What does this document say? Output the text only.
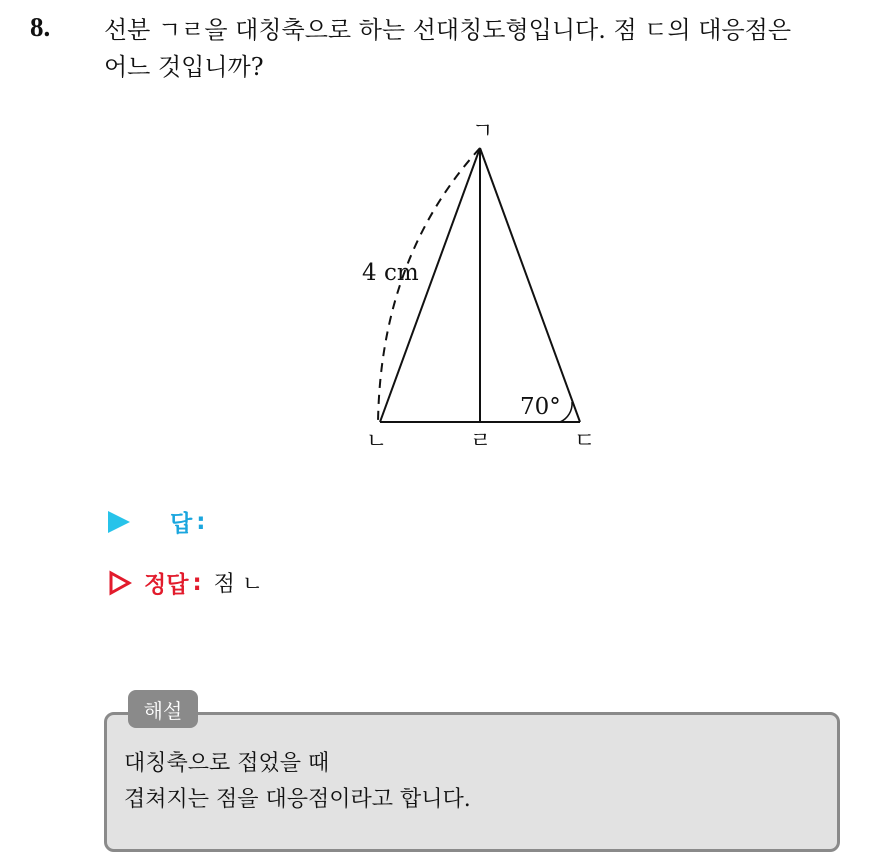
8. 선분 ㄱㄹ을 대칭축으로 하는 선대칭도형입니다. 점 ㄷ의 대응점은
어느 것입니까?
ㄱ
ㄴ	ㄹ	ㄷ
4 cm
70°
답 :
정답 : 점 ㄴ
해설
대칭축으로 접었을 때
겹쳐지는 점을 대응점이라고 합니다.
